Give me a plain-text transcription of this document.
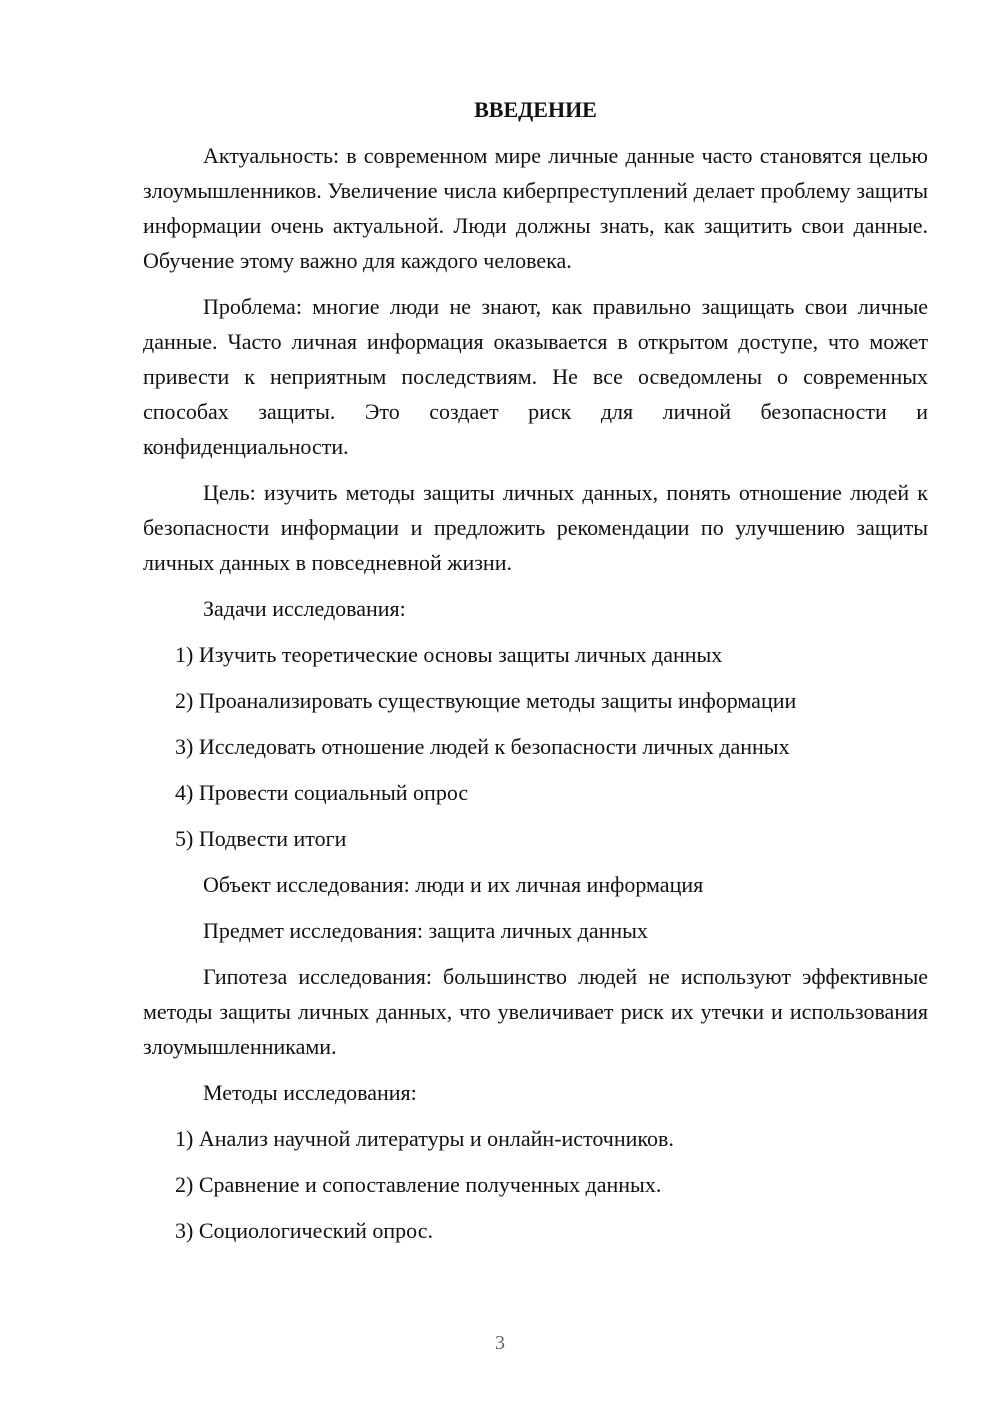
ВВЕДЕНИЕ
Актуальность: в современном мире личные данные часто становятся целью злоумышленников. Увеличение числа киберпреступлений делает проблему защиты информации очень актуальной. Люди должны знать, как защитить свои данные. Обучение этому важно для каждого человека.
Проблема: многие люди не знают, как правильно защищать свои личные данные. Часто личная информация оказывается в открытом доступе, что может привести к неприятным последствиям. Не все осведомлены о современных способах защиты. Это создает риск для личной безопасности и конфиденциальности.
Цель: изучить методы защиты личных данных, понять отношение людей к безопасности информации и предложить рекомендации по улучшению защиты личных данных в повседневной жизни.
Задачи исследования:
1) Изучить теоретические основы защиты личных данных
2) Проанализировать существующие методы защиты информации
3) Исследовать отношение людей к безопасности личных данных
4) Провести социальный опрос
5) Подвести итоги
Объект исследования: люди и их личная информация
Предмет исследования: защита личных данных
Гипотеза исследования: большинство людей не используют эффективные методы защиты личных данных, что увеличивает риск их утечки и использования злоумышленниками.
Методы исследования:
1) Анализ научной литературы и онлайн-источников.
2) Сравнение и сопоставление полученных данных.
3) Социологический опрос.
3
